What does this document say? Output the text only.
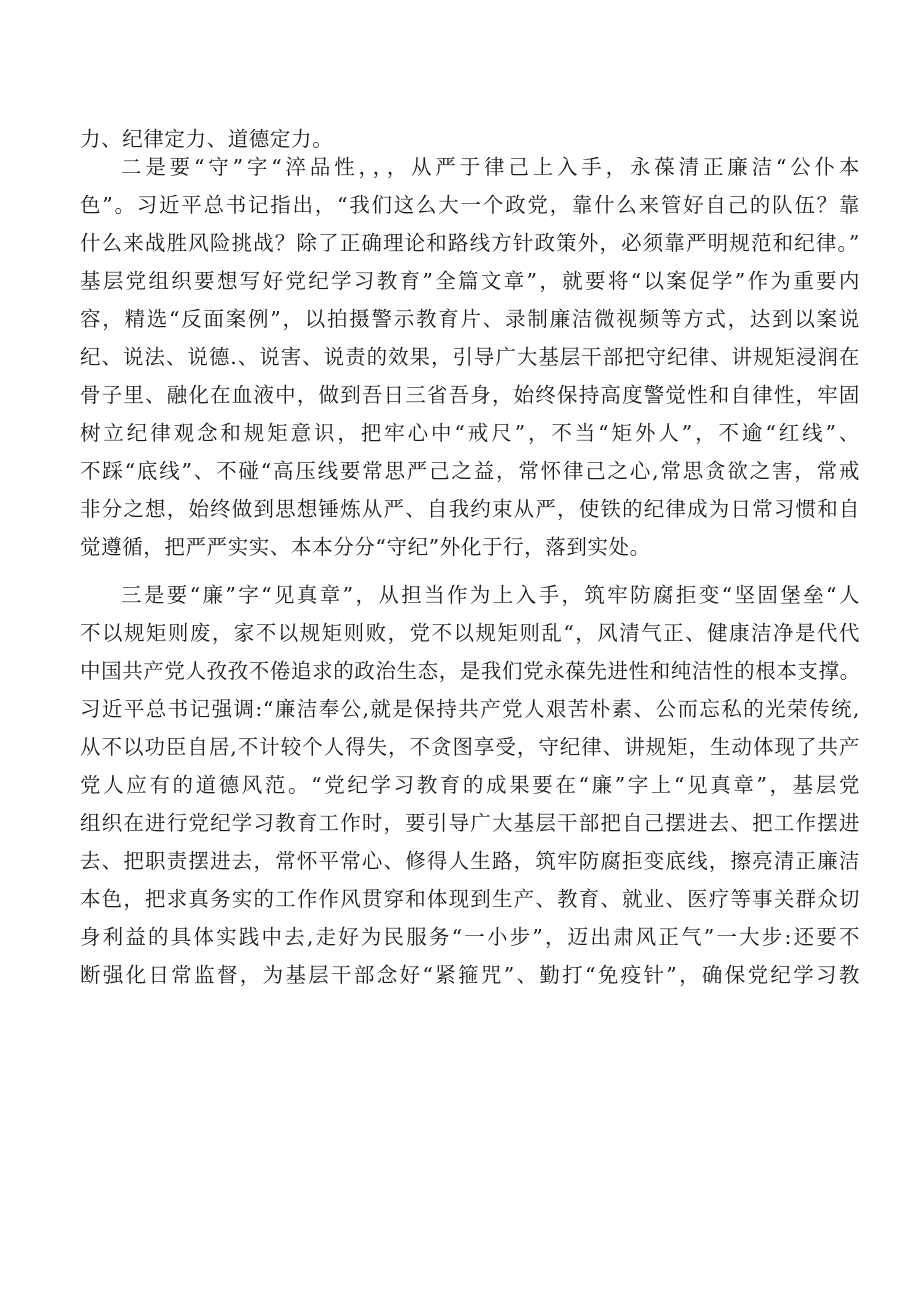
力、纪律定力、道德定力。
二是要“守”字“淬品性，，，从严于律己上入手，永葆清正廉洁“公仆本
色”。习近平总书记指出，“我们这么大一个政党，靠什么来管好自己的队伍？靠
什么来战胜风险挑战？除了正确理论和路线方针政策外，必须靠严明规范和纪律。”
基层党组织要想写好党纪学习教育”全篇文章”，就要将“以案促学”作为重要内
容，精选“反面案例”，以拍摄警示教育片、录制廉洁微视频等方式，达到以案说
纪、说法、说德.、说害、说责的效果，引导广大基层干部把守纪律、讲规矩浸润在
骨子里、融化在血液中，做到吾日三省吾身，始终保持高度警觉性和自律性，牢固
树立纪律观念和规矩意识，把牢心中“戒尺”，不当“矩外人”，不逾“红线”、
不踩“底线”、不碰“高压线要常思严己之益，常怀律己之心,常思贪欲之害，常戒
非分之想，始终做到思想锤炼从严、自我约束从严，使铁的纪律成为日常习惯和自
觉遵循，把严严实实、本本分分“守纪”外化于行，落到实处。
三是要“廉”字“见真章”，从担当作为上入手，筑牢防腐拒变“坚固堡垒“人
不以规矩则废，家不以规矩则败，党不以规矩则乱“，风清气正、健康洁净是代代
中国共产党人孜孜不倦追求的政治生态，是我们党永葆先进性和纯洁性的根本支撑。
习近平总书记强调:“廉洁奉公,就是保持共产党人艰苦朴素、公而忘私的光荣传统,
从不以功臣自居,不计较个人得失，不贪图享受，守纪律、讲规矩，生动体现了共产
党人应有的道德风范。“党纪学习教育的成果要在“廉”字上“见真章”，基层党
组织在进行党纪学习教育工作时，要引导广大基层干部把自己摆进去、把工作摆进
去、把职责摆进去，常怀平常心、修得人生路，筑牢防腐拒变底线，擦亮清正廉洁
本色，把求真务实的工作作风贯穿和体现到生产、教育、就业、医疗等事关群众切
身利益的具体实践中去,走好为民服务“一小步”，迈出肃风正气”一大步:还要不
断强化日常监督，为基层干部念好“紧箍咒”、勤打“免疫针”，确保党纪学习教
